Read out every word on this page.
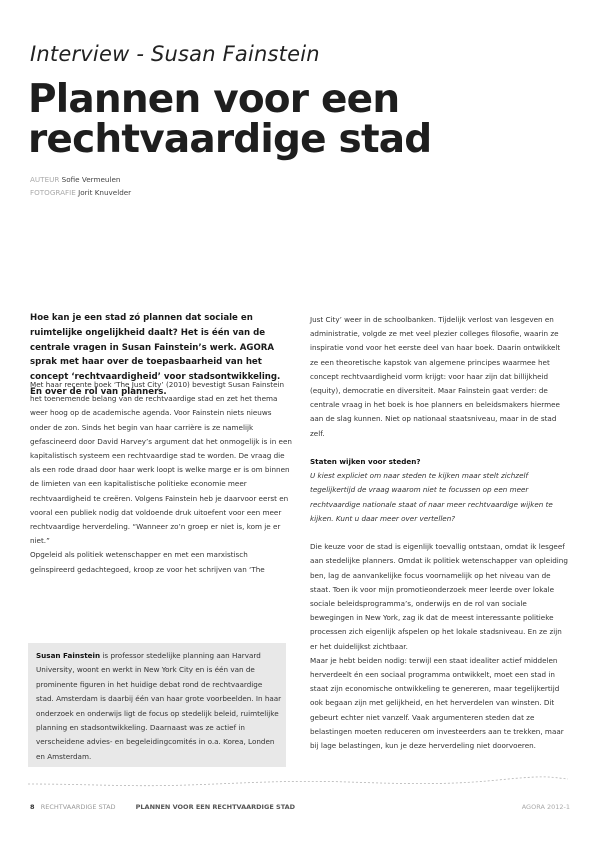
Interview - Susan Fainstein
Plannen voor een rechtvaardige stad
AUTEUR Sofie Vermeulen
FOTOGRAFIE Jorit Knuvelder
Hoe kan je een stad zó plannen dat sociale en ruimtelijke ongelijkheid daalt? Het is één van de centrale vragen in Susan Fainstein’s werk. AGORA sprak met haar over de toepasbaarheid van het concept ‘rechtvaardigheid’ voor stadsontwikkeling. En over de rol van planners.

Met haar recente boek ‘The Just City’ (2010) bevestigt Susan Fainstein het toenemende belang van de rechtvaardige stad en zet het thema weer hoog op de academische agenda. Voor Fainstein niets nieuws onder de zon. Sinds het begin van haar carrière is ze namelijk gefascineerd door David Harvey’s argument dat het onmogelijk is in een kapitalistisch systeem een rechtvaardige stad te worden. De vraag die als een rode draad door haar werk loopt is welke marge er is om binnen de limieten van een kapitalistische politieke economie meer rechtvaardigheid te creëren. Volgens Fainstein heb je daarvoor eerst en vooral een publiek nodig dat voldoende druk uitoefent voor een meer rechtvaardige herverdeling. “Wanneer zo’n groep er niet is, kom je er niet.”

Opgeleid als politiek wetenschapper en met een marxistisch geïnspireerd gedachtegoed, kroop ze voor het schrijven van ‘The

Just City’ weer in de schoolbanken. Tijdelijk verlost van lesgeven en administratie, volgde ze met veel plezier colleges filosofie, waarin ze inspiratie vond voor het eerste deel van haar boek. Daarin ontwikkelt ze een theoretische kapstok van algemene principes waarmee het concept rechtvaardigheid vorm krijgt: voor haar zijn dat billijkheid (equity), democratie en diversiteit. Maar Fainstein gaat verder: de centrale vraag in het boek is hoe planners en beleidsmakers hiermee aan de slag kunnen. Niet op nationaal staatsniveau, maar in de stad zelf.

Staten wijken voor steden?

U kiest expliciet om naar steden te kijken maar stelt zichzelf tegelijkertijd de vraag waarom niet te focussen op een meer rechtvaardige nationale staat of naar meer rechtvaardige wijken te kijken. Kunt u daar meer over vertellen?

Die keuze voor de stad is eigenlijk toevallig ontstaan, omdat ik lesgeef aan stedelijke planners. Omdat ik politiek wetenschapper van opleiding ben, lag de aanvankelijke focus voornamelijk op het niveau van de staat. Toen ik voor mijn promotieonderzoek meer leerde over lokale sociale beleidsprogramma’s, onderwijs en de rol van sociale bewegingen in New York, zag ik dat de meest interessante politieke processen zich eigenlijk afspelen op het lokale stadsniveau. En ze zijn er het duidelijkst zichtbaar.

Maar je hebt beiden nodig: terwijl een staat idealiter actief middelen herverdeelt én een sociaal programma ontwikkelt, moet een stad in staat zijn economische ontwikkeling te genereren, maar tegelijkertijd ook begaan zijn met gelijkheid, en het herverdelen van winsten. Dit gebeurt echter niet vanzelf. Vaak argumenteren steden dat ze belastingen moeten reduceren om investeerders aan te trekken, maar bij lage belastingen, kun je deze herverdeling niet doorvoeren.

Susan Fainstein is professor stedelijke planning aan Harvard University, woont en werkt in New York City en is één van de prominente figuren in het huidige debat rond de rechtvaardige stad. Amsterdam is daarbij één van haar grote voorbeelden. In haar onderzoek en onderwijs ligt de focus op stedelijk beleid, ruimtelijke planning en stadsontwikkeling. Daarnaast was ze actief in verscheidene advies- en begeleidingcomités in o.a. Korea, Londen en Amsterdam.
8 RECHTVAARDIGE STAD	PLANNEN VOOR EEN RECHTVAARDIGE STAD	AGORA 2012-1
